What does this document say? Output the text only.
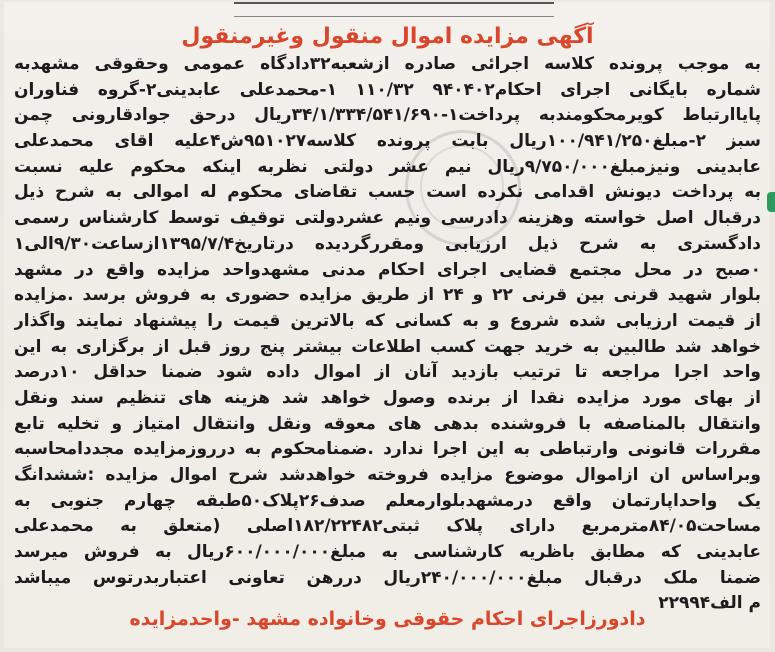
آگهی مزایده اموال منقول وغیرمنقول
به موجب پرونده کلاسه اجرائی صادره ازشعبه۳۲دادگاه عمومی وحقوقی مشهدبه
شماره بایگانی اجرای احکام۹۴۰۴۰۲ ۱۱۰/۳۲ ۱-محمدعلی عابدینی۲-گروه فناوران
پایاارتباط کویرمحکومندبه پرداخت۱-۳۴/۱/۳۳۴/۵۴۱/۶۹۰ریال درحق جوادقارونی چمن
سبز ۲-مبلغ۱۰۰/۹۴۱/۲۵۰ریال بابت پرونده کلاسه۹۵۱۰۲۷ش۴علیه اقای محمدعلی
عابدینی ونیزمبلغ۹/۷۵۰/۰۰۰ریال نیم عشر دولتی نظربه اینکه محکوم علیه نسبت
به پرداخت دیونش اقدامی نکرده است حسب تقاضای محکوم له اموالی به شرح ذیل
درقبال اصل خواسته وهزینه دادرسی ونیم عشردولتی توقیف توسط کارشناس رسمی
دادگستری به شرح ذیل ارزیابی ومقررگردیده درتاریخ۱۳۹۵/۷/۴ازساعت۹/۳۰الی۱
۰صبح در محل مجتمع قضایی اجرای احکام مدنی مشهدواحد مزایده واقع در مشهد
بلوار شهید قرنی بین قرنی ۲۲ و ۲۴ از طریق مزایده حضوری به فروش برسد .مزایده
از قیمت ارزیابی شده شروع و به کسانی که بالاترین قیمت را پیشنهاد نمایند واگذار
خواهد شد طالبین به خرید جهت کسب اطلاعات بیشتر پنج روز قبل از برگزاری به این
واحد اجرا مراجعه تا ترتیب بازدید آنان از اموال داده شود ضمنا حداقل ۱۰درصد
از بهای مورد مزایده نقدا از برنده وصول خواهد شد هزینه های تنظیم سند ونقل
وانتقال بالمناصفه با فروشنده بدهی های معوقه ونقل وانتقال امتیاز و تخلیه تابع
مقررات قانونی وارتباطی به این اجرا ندارد .ضمنامحکوم به درروزمزایده مجددامحاسبه
وبراساس ان ازاموال موضوع مزایده فروخته خواهدشد شرح اموال مزایده :ششدانگ
یک واحداپارتمان واقع درمشهدبلوارمعلم صدف۲۶پلاک۵۰طبقه چهارم جنوبی به
مساحت۸۴/۰۵مترمربع دارای پلاک ثبتی۱۸۲/۲۲۴۸۲اصلی (متعلق به محمدعلی
عابدینی که مطابق باظریه کارشناسی به مبلغ۶۰۰/۰۰۰/۰۰۰ریال به فروش میرسد
ضمنا ملک درقبال مبلغ۲۴۰/۰۰۰/۰۰۰ریال دررهن تعاونی اعتباربدرتوس میباشد
م الف۲۲۹۹۴
دادورزاجرای احکام حقوقی وخانواده مشهد -واحدمزایده
